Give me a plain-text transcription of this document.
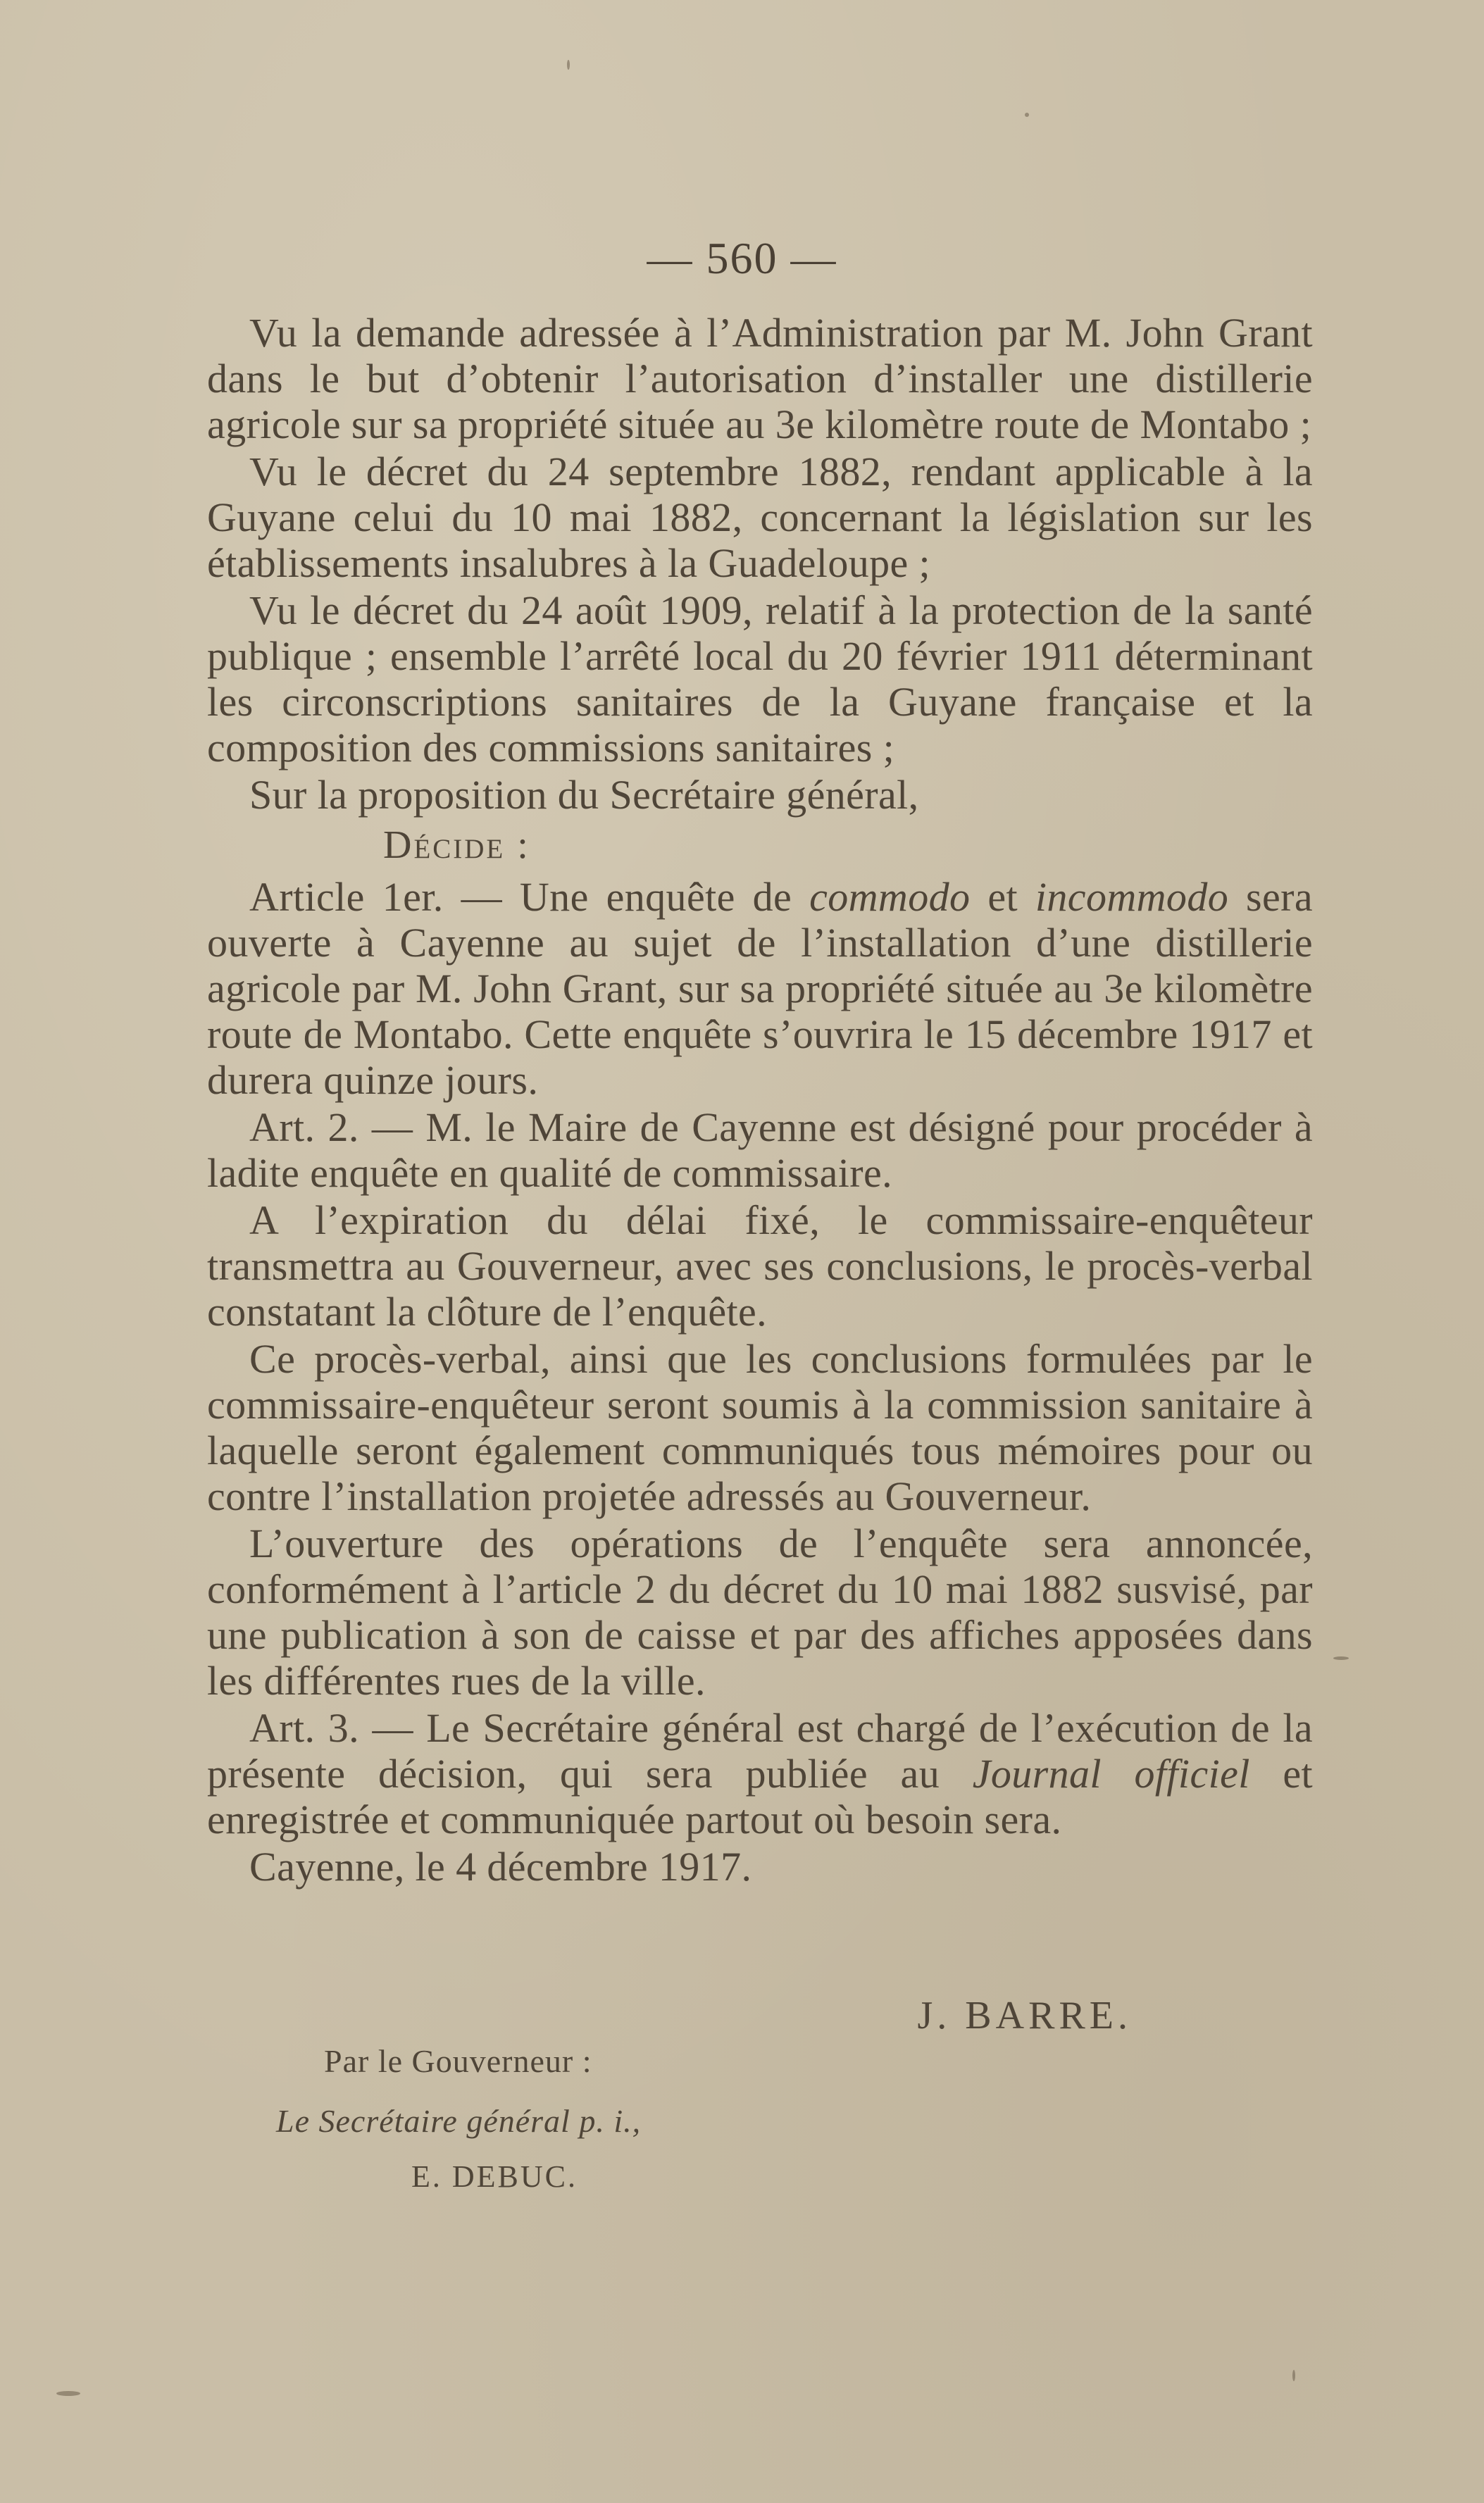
— 560 —

Vu la demande adressée à l’Administration par M. John Grant dans le but d’obtenir l’autorisation d’installer une distillerie agricole sur sa propriété située au 3e kilomètre route de Montabo ;

Vu le décret du 24 septembre 1882, rendant applicable à la Guyane celui du 10 mai 1882, concernant la législation sur les établissements insalubres à la Guadeloupe ;

Vu le décret du 24 août 1909, relatif à la protection de la santé publique ; ensemble l’arrêté local du 20 février 1911 déterminant les circonscriptions sanitaires de la Guyane française et la composition des commissions sanitaires ;

Sur la proposition du Secrétaire général,

Décide :

Article 1er. — Une enquête de commodo et incommodo sera ouverte à Cayenne au sujet de l’installation d’une distillerie agricole par M. John Grant, sur sa propriété située au 3e kilomètre route de Montabo. Cette enquête s’ouvrira le 15 décembre 1917 et durera quinze jours.

Art. 2. — M. le Maire de Cayenne est désigné pour procéder à ladite enquête en qualité de commissaire.

A l’expiration du délai fixé, le commissaire-enquêteur transmettra au Gouverneur, avec ses conclusions, le procès-verbal constatant la clôture de l’enquête.

Ce procès-verbal, ainsi que les conclusions formulées par le commissaire-enquêteur seront soumis à la commission sanitaire à laquelle seront également communiqués tous mémoires pour ou contre l’installation projetée adressés au Gouverneur.

L’ouverture des opérations de l’enquête sera annoncée, conformément à l’article 2 du décret du 10 mai 1882 susvisé, par une publication à son de caisse et par des affiches apposées dans les différentes rues de la ville.

Art. 3. — Le Secrétaire général est chargé de l’exécution de la présente décision, qui sera publiée au Journal officiel et enregistrée et communiquée partout où besoin sera.

Cayenne, le 4 décembre 1917.

J. BARRE.
Par le Gouverneur :
Le Secrétaire général p. i.,
E. DEBUC.
